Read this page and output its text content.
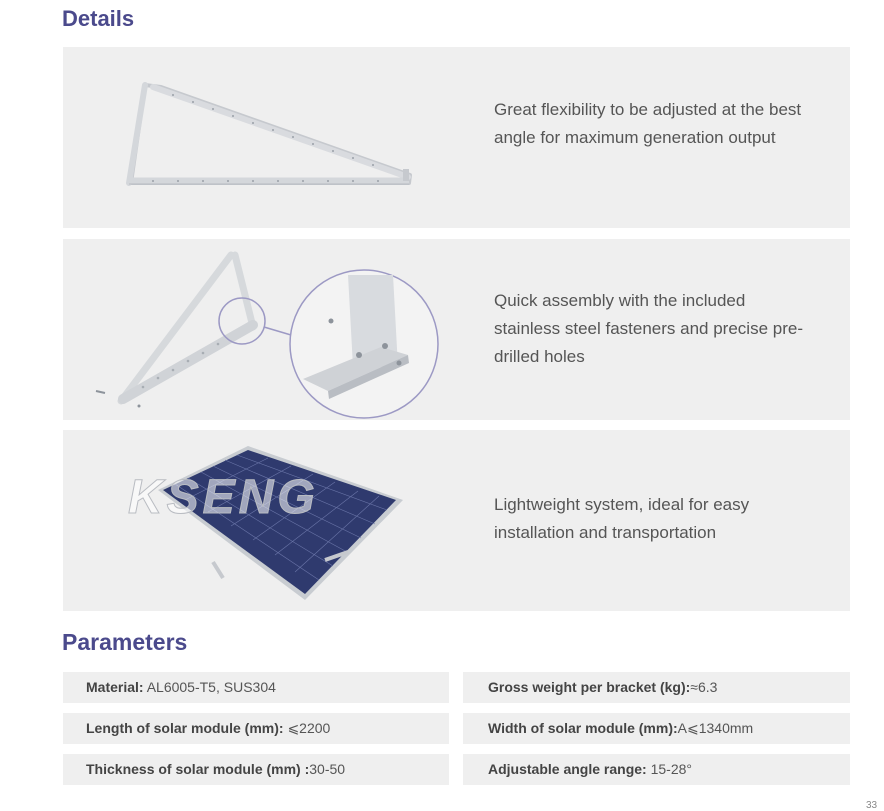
Details
Great flexibility to be adjusted at the best angle for maximum generation output
Quick assembly with the included stainless steel fasteners and precise pre-drilled holes
KSENG	Lightweight system, ideal for easy installation and transportation
Parameters
Material: AL6005-T5, SUS304	Gross weight per bracket (kg):≈6.3
Length of solar module (mm): ⩽2200	Width of solar module (mm):A⩽1340mm
Thickness of solar module (mm) :30-50	Adjustable angle range: 15-28°
33
